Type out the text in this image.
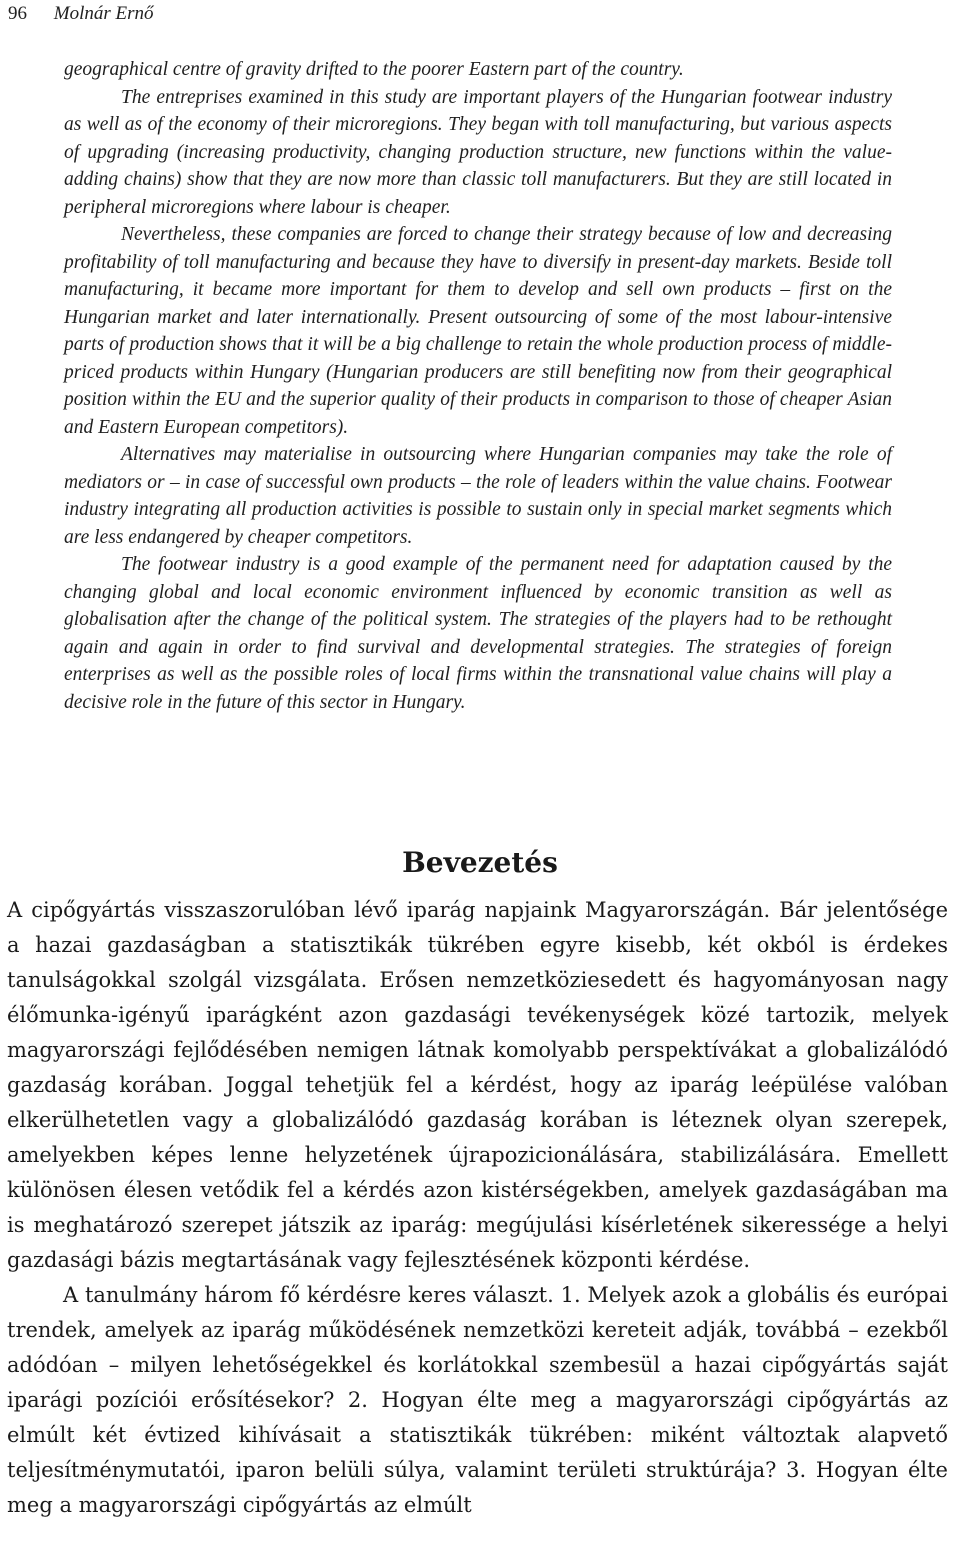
96 Molnár Ernő

geographical centre of gravity drifted to the poorer Eastern part of the country.

The entreprises examined in this study are important players of the Hungarian footwear industry as well as of the economy of their microregions. They began with toll manufacturing, but various aspects of upgrading (increasing productivity, changing production structure, new functions within the value-adding chains) show that they are now more than classic toll manufacturers. But they are still located in peripheral microregions where labour is cheaper.

Nevertheless, these companies are forced to change their strategy because of low and decreasing profitability of toll manufacturing and because they have to diversify in present-day markets. Beside toll manufacturing, it became more important for them to develop and sell own products – first on the Hungarian market and later internationally. Present outsourcing of some of the most labour-intensive parts of production shows that it will be a big challenge to retain the whole production process of middle-priced products within Hungary (Hungarian producers are still benefiting now from their geographical position within the EU and the superior quality of their products in comparison to those of cheaper Asian and Eastern European competitors).

Alternatives may materialise in outsourcing where Hungarian companies may take the role of mediators or – in case of successful own products – the role of leaders within the value chains. Footwear industry integrating all production activities is possible to sustain only in special market segments which are less endangered by cheaper competitors.

The footwear industry is a good example of the permanent need for adaptation caused by the changing global and local economic environment influenced by economic transition as well as globalisation after the change of the political system. The strategies of the players had to be rethought again and again in order to find survival and developmental strategies. The strategies of foreign enterprises as well as the possible roles of local firms within the transnational value chains will play a decisive role in the future of this sector in Hungary.

Bevezetés

A cipőgyártás visszaszorulóban lévő iparág napjaink Magyarországán. Bár jelentősége a hazai gazdaságban a statisztikák tükrében egyre kisebb, két okból is érdekes tanulságokkal szolgál vizsgálata. Erősen nemzetköziesedett és hagyományosan nagy élőmunka-igényű iparágként azon gazdasági tevékenységek közé tartozik, melyek magyarországi fejlődésében nemigen látnak komolyabb perspektívákat a globalizálódó gazdaság korában. Joggal tehetjük fel a kérdést, hogy az iparág leépülése valóban elkerülhetetlen vagy a globalizálódó gazdaság korában is léteznek olyan szerepek, amelyekben képes lenne helyzetének újrapozicionálására, stabilizálására. Emellett különösen élesen vetődik fel a kérdés azon kistérségekben, amelyek gazdaságában ma is meghatározó szerepet játszik az iparág: megújulási kísérletének sikeressége a helyi gazdasági bázis megtartásának vagy fejlesztésének központi kérdése.

A tanulmány három fő kérdésre keres választ. 1. Melyek azok a globális és európai trendek, amelyek az iparág működésének nemzetközi kereteit adják, továbbá – ezekből adódóan – milyen lehetőségekkel és korlátokkal szembesül a hazai cipőgyártás saját iparági pozíciói erősítésekor? 2. Hogyan élte meg a magyarországi cipőgyártás az elmúlt két évtized kihívásait a statisztikák tükrében: miként változtak alapvető teljesítménymutatói, iparon belüli súlya, valamint területi struktúrája? 3. Hogyan élte meg a magyarországi cipőgyártás az elmúlt
